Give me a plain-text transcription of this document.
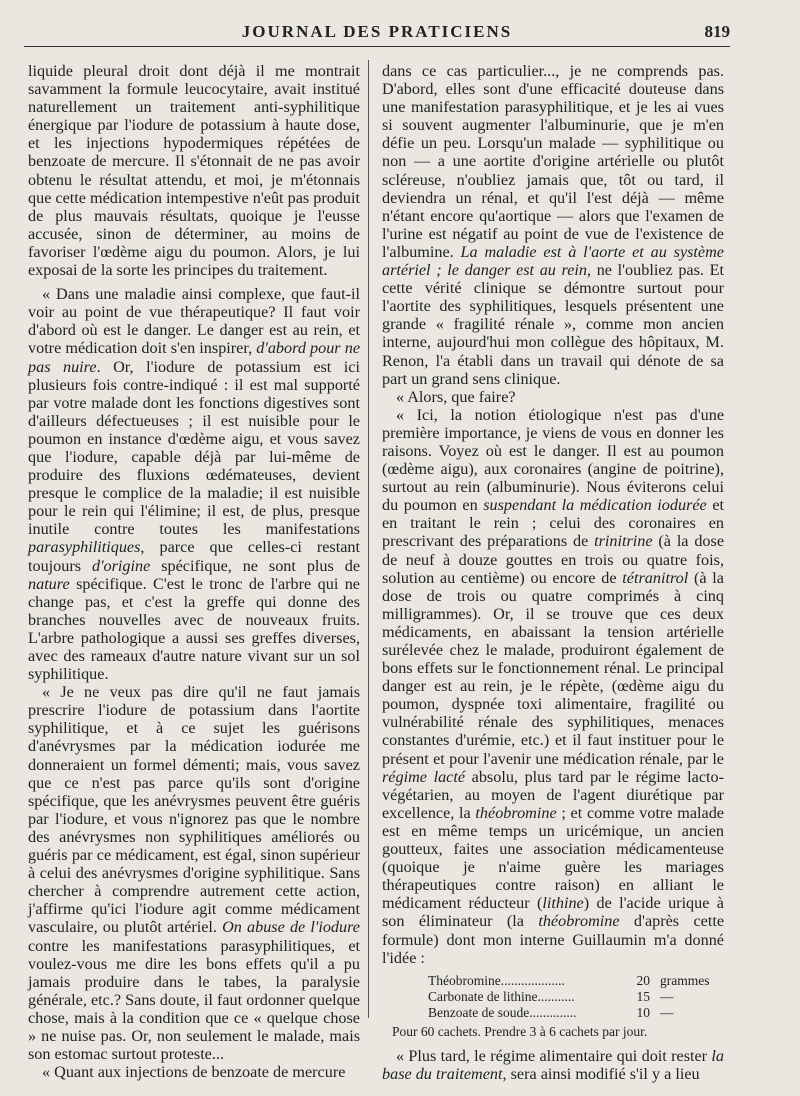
JOURNAL DES PRATICIENS	819

liquide pleural droit dont déjà il me montrait savamment la formule leucocytaire, avait institué naturellement un traitement anti-syphilitique énergique par l'iodure de potassium à haute dose, et les injections hypodermiques répétées de benzoate de mercure. Il s'étonnait de ne pas avoir obtenu le résultat attendu, et moi, je m'étonnais que cette médication intempestive n'eût pas produit de plus mauvais résultats, quoique je l'eusse accusée, sinon de déterminer, au moins de favoriser l'œdème aigu du poumon. Alors, je lui exposai de la sorte les principes du traitement.

« Dans une maladie ainsi complexe, que faut-il voir au point de vue thérapeutique? Il faut voir d'abord où est le danger. Le danger est au rein, et votre médication doit s'en inspirer, d'abord pour ne pas nuire. Or, l'iodure de potassium est ici plusieurs fois contre-indiqué : il est mal supporté par votre malade dont les fonctions digestives sont d'ailleurs défectueuses ; il est nuisible pour le poumon en instance d'œdème aigu, et vous savez que l'iodure, capable déjà par lui-même de produire des fluxions œdémateuses, devient presque le complice de la maladie; il est nuisible pour le rein qui l'élimine; il est, de plus, presque inutile contre toutes les manifestations parasyphilitiques, parce que celles-ci restant toujours d'origine spécifique, ne sont plus de nature spécifique. C'est le tronc de l'arbre qui ne change pas, et c'est la greffe qui donne des branches nouvelles avec de nouveaux fruits. L'arbre pathologique a aussi ses greffes diverses, avec des rameaux d'autre nature vivant sur un sol syphilitique.

« Je ne veux pas dire qu'il ne faut jamais prescrire l'iodure de potassium dans l'aortite syphilitique, et à ce sujet les guérisons d'anévrysmes par la médication iodurée me donneraient un formel démenti; mais, vous savez que ce n'est pas parce qu'ils sont d'origine spécifique, que les anévrysmes peuvent être guéris par l'iodure, et vous n'ignorez pas que le nombre des anévrysmes non syphilitiques améliorés ou guéris par ce médicament, est égal, sinon supérieur à celui des anévrysmes d'origine syphilitique. Sans chercher à comprendre autrement cette action, j'affirme qu'ici l'iodure agit comme médicament vasculaire, ou plutôt artériel. On abuse de l'iodure contre les manifestations parasyphilitiques, et voulez-vous me dire les bons effets qu'il a pu jamais produire dans le tabes, la paralysie générale, etc.? Sans doute, il faut ordonner quelque chose, mais à la condition que ce « quelque chose » ne nuise pas. Or, non seulement le malade, mais son estomac surtout proteste...

« Quant aux injections de benzoate de mercure

dans ce cas particulier..., je ne comprends pas. D'abord, elles sont d'une efficacité douteuse dans une manifestation parasyphilitique, et je les ai vues si souvent augmenter l'albuminurie, que je m'en défie un peu. Lorsqu'un malade — syphilitique ou non — a une aortite d'origine artérielle ou plutôt scléreuse, n'oubliez jamais que, tôt ou tard, il deviendra un rénal, et qu'il l'est déjà — même n'étant encore qu'aortique — alors que l'examen de l'urine est négatif au point de vue de l'existence de l'albumine. La maladie est à l'aorte et au système artériel ; le danger est au rein, ne l'oubliez pas. Et cette vérité clinique se démontre surtout pour l'aortite des syphilitiques, lesquels présentent une grande « fragilité rénale », comme mon ancien interne, aujourd'hui mon collègue des hôpitaux, M. Renon, l'a établi dans un travail qui dénote de sa part un grand sens clinique.

« Alors, que faire?

« Ici, la notion étiologique n'est pas d'une première importance, je viens de vous en donner les raisons. Voyez où est le danger. Il est au poumon (œdème aigu), aux coronaires (angine de poitrine), surtout au rein (albuminurie). Nous éviterons celui du poumon en suspendant la médication iodurée et en traitant le rein ; celui des coronaires en prescrivant des préparations de trinitrine (à la dose de neuf à douze gouttes en trois ou quatre fois, solution au centième) ou encore de tétranitrol (à la dose de trois ou quatre comprimés à cinq milligrammes). Or, il se trouve que ces deux médicaments, en abaissant la tension artérielle surélevée chez le malade, produiront également de bons effets sur le fonctionnement rénal. Le principal danger est au rein, je le répète, (œdème aigu du poumon, dyspnée toxi alimentaire, fragilité ou vulnérabilité rénale des syphilitiques, menaces constantes d'urémie, etc.) et il faut instituer pour le présent et pour l'avenir une médication rénale, par le régime lacté absolu, plus tard par le régime lacto-végétarien, au moyen de l'agent diurétique par excellence, la théobromine ; et comme votre malade est en même temps un uricémique, un ancien goutteux, faites une association médicamenteuse (quoique je n'aime guère les mariages thérapeutiques contre raison) en alliant le médicament réducteur (lithine) de l'acide urique à son éliminateur (la théobromine d'après cette formule) dont mon interne Guillaumin m'a donné l'idée :

Théobromine...................	20 grammes
Carbonate de lithine...........	15 —
Benzoate de soude..............	10 —
Pour 60 cachets. Prendre 3 à 6 cachets par jour.

« Plus tard, le régime alimentaire qui doit rester la base du traitement, sera ainsi modifié s'il y a lieu
